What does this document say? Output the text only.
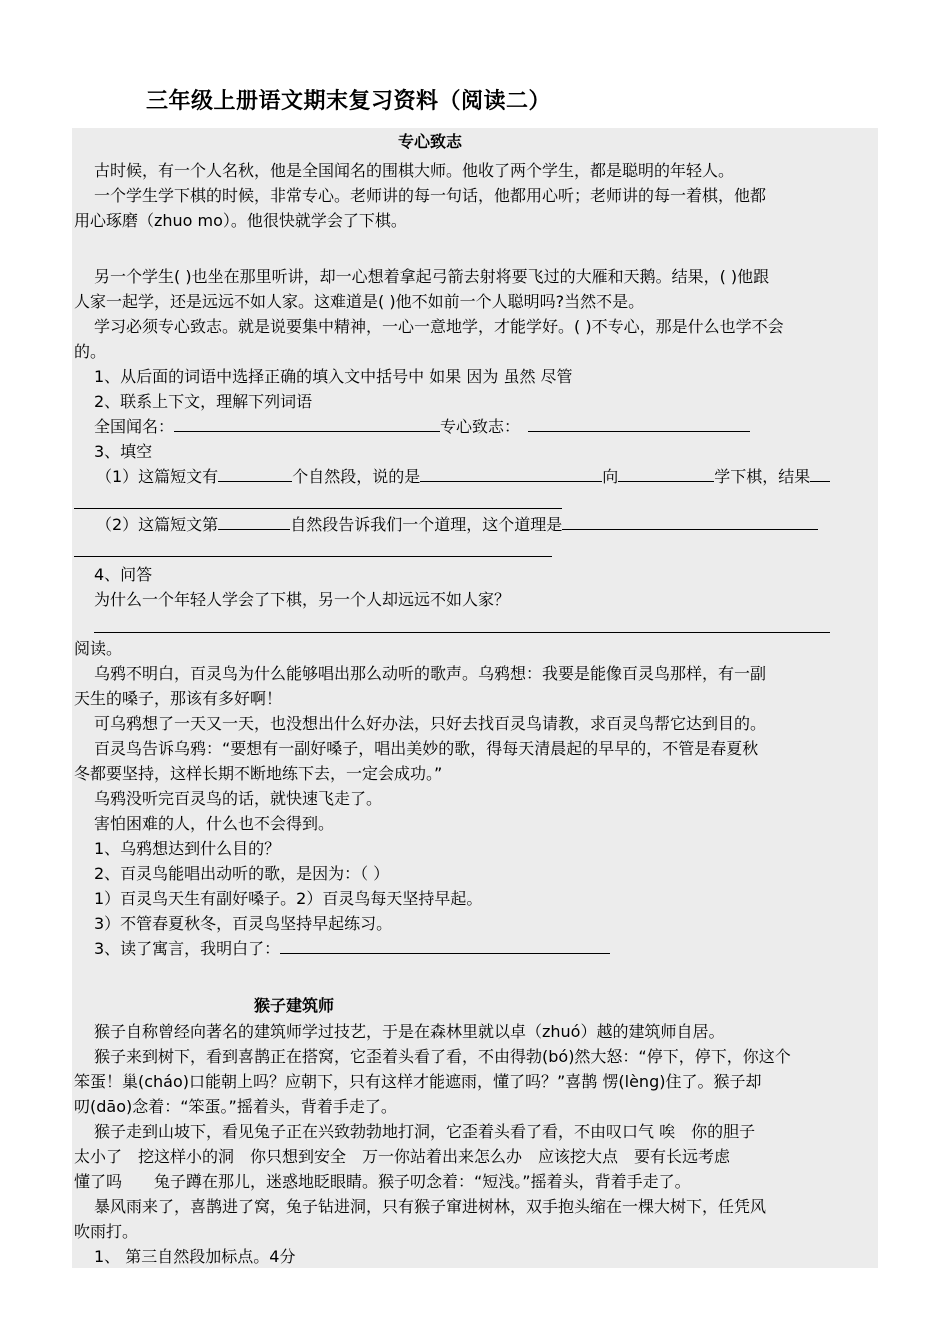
三年级上册语文期末复习资料（阅读二）
专心致志
古时候，有一个人名秋，他是全国闻名的围棋大师。他收了两个学生，都是聪明的年轻人。
一个学生学下棋的时候，非常专心。老师讲的每一句话，他都用心听；老师讲的每一着棋，他都
用心琢磨（zhuo mo）。他很快就学会了下棋。
另一个学生( )也坐在那里听讲，却一心想着拿起弓箭去射将要飞过的大雁和天鹅。结果，( )他跟
人家一起学，还是远远不如人家。这难道是( )他不如前一个人聪明吗?当然不是。
学习必须专心致志。就是说要集中精神，一心一意地学，才能学好。( )不专心，那是什么也学不会
的。
1、从后面的词语中选择正确的填入文中括号中 如果 因为 虽然 尽管
2、联系上下文，理解下列词语
全国闻名：	专心致志：
3、填空
（1）这篇短文有	个自然段，说的是	向	学下棋，结果
（2）这篇短文第	自然段告诉我们一个道理，这个道理是
4、问答
为什么一个年轻人学会了下棋，另一个人却远远不如人家？
阅读。
乌鸦不明白，百灵鸟为什么能够唱出那么动听的歌声。乌鸦想：我要是能像百灵鸟那样，有一副
天生的嗓子，那该有多好啊！
可乌鸦想了一天又一天，也没想出什么好办法，只好去找百灵鸟请教，求百灵鸟帮它达到目的。
百灵鸟告诉乌鸦：“要想有一副好嗓子，唱出美妙的歌，得每天清晨起的早早的，不管是春夏秋
冬都要坚持，这样长期不断地练下去，一定会成功。”
乌鸦没听完百灵鸟的话，就快速飞走了。
害怕困难的人，什么也不会得到。
1、乌鸦想达到什么目的？
2、百灵鸟能唱出动听的歌，是因为：（ ）
1）百灵鸟天生有副好嗓子。2）百灵鸟每天坚持早起。
3）不管春夏秋冬，百灵鸟坚持早起练习。
3、读了寓言，我明白了：
猴子建筑师
猴子自称曾经向著名的建筑师学过技艺，于是在森林里就以卓（zhuó）越的建筑师自居。
猴子来到树下，看到喜鹊正在搭窝，它歪着头看了看，不由得勃(bó)然大怒：“停下，停下，你这个
笨蛋！巢(cháo)口能朝上吗？应朝下，只有这样才能遮雨，懂了吗？”喜鹊 愣(lèng)住了。猴子却
叨(dāo)念着：“笨蛋。”摇着头，背着手走了。
猴子走到山坡下，看见兔子正在兴致勃勃地打洞，它歪着头看了看，不由叹口气 唉　你的胆子
太小了　挖这样小的洞　你只想到安全　万一你站着出来怎么办　应该挖大点　要有长远考虑
懂了吗　　兔子蹲在那儿，迷惑地眨眼睛。猴子叨念着：“短浅。”摇着头，背着手走了。
暴风雨来了，喜鹊进了窝，兔子钻进洞，只有猴子窜进树林，双手抱头缩在一棵大树下，任凭风
吹雨打。
1、 第三自然段加标点。4分
